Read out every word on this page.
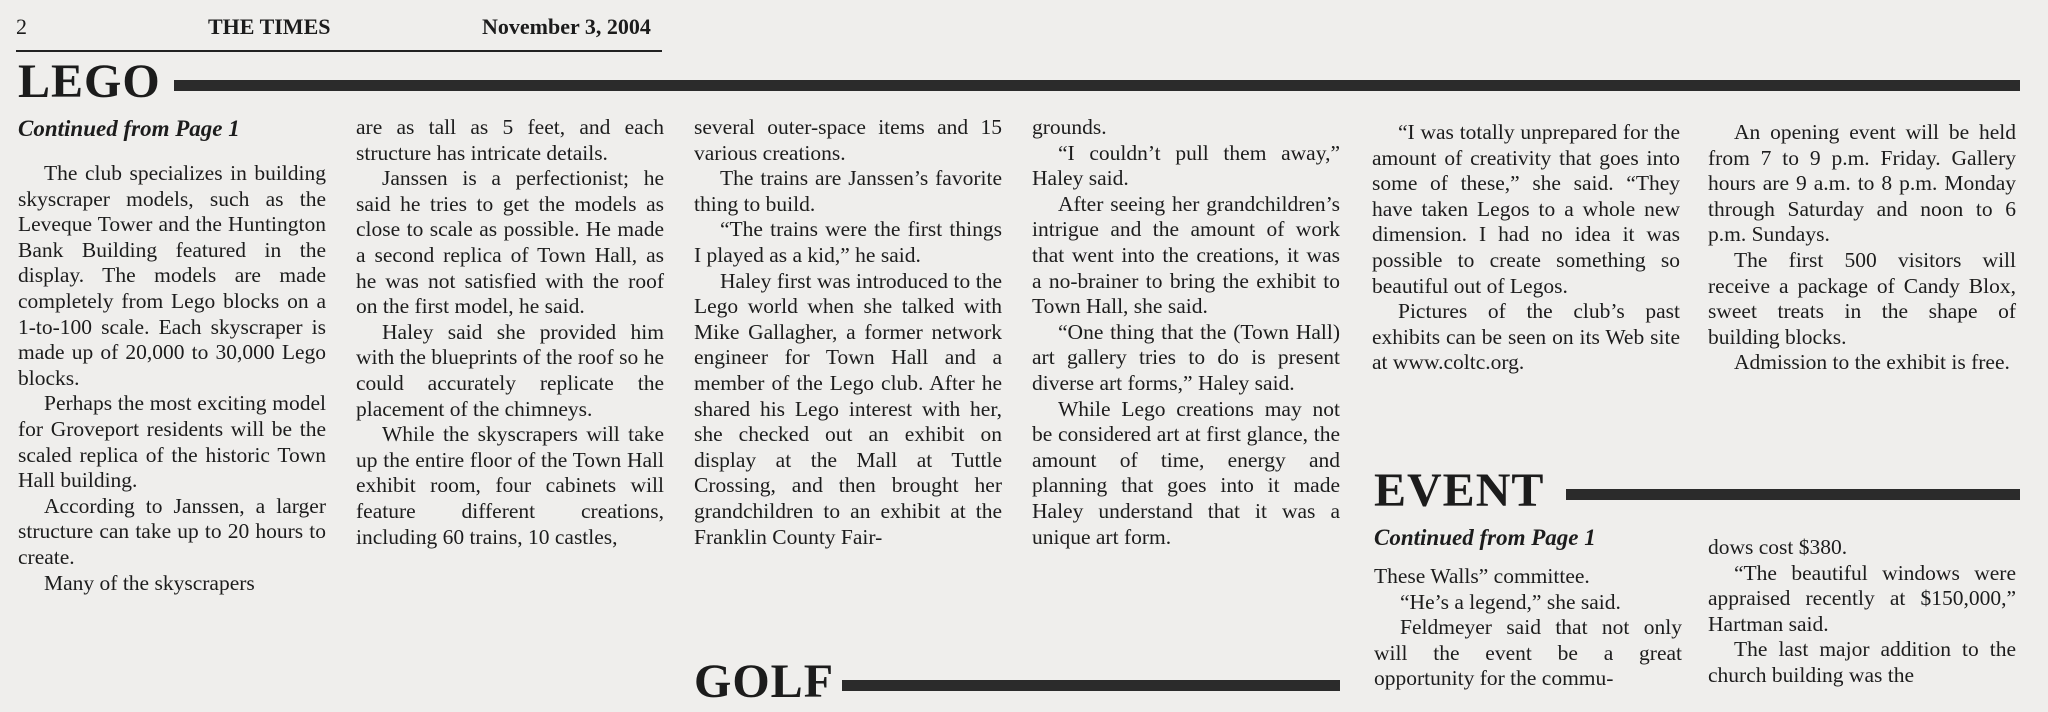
2	THE TIMES	November 3, 2004
LEGO

Continued from Page 1

The club specializes in building skyscraper models, such as the Leveque Tower and the Huntington Bank Building featured in the display. The models are made completely from Lego blocks on a 1-to-100 scale. Each skyscraper is made up of 20,000 to 30,000 Lego blocks.

Perhaps the most exciting model for Groveport residents will be the scaled replica of the historic Town Hall building.

According to Janssen, a larger structure can take up to 20 hours to create.

Many of the skyscrapers

are as tall as 5 feet, and each structure has intricate details.

Janssen is a perfectionist; he said he tries to get the models as close to scale as possible. He made a second replica of Town Hall, as he was not satisfied with the roof on the first model, he said.

Haley said she provided him with the blueprints of the roof so he could accurately replicate the placement of the chimneys.

While the skyscrapers will take up the entire floor of the Town Hall exhibit room, four cabinets will feature different creations, including 60 trains, 10 castles,

several outer-space items and 15 various creations.

The trains are Janssen’s favorite thing to build.

“The trains were the first things I played as a kid,” he said.

Haley first was introduced to the Lego world when she talked with Mike Gallagher, a former network engineer for Town Hall and a member of the Lego club. After he shared his Lego interest with her, she checked out an exhibit on display at the Mall at Tuttle Crossing, and then brought her grandchildren to an exhibit at the Franklin County Fair-

grounds.

“I couldn’t pull them away,” Haley said.

After seeing her grandchildren’s intrigue and the amount of work that went into the creations, it was a no-brainer to bring the exhibit to Town Hall, she said.

“One thing that the (Town Hall) art gallery tries to do is present diverse art forms,” Haley said.

While Lego creations may not be considered art at first glance, the amount of time, energy and planning that goes into it made Haley understand that it was a unique art form.

“I was totally unprepared for the amount of creativity that goes into some of these,” she said. “They have taken Legos to a whole new dimension. I had no idea it was possible to create something so beautiful out of Legos.

Pictures of the club’s past exhibits can be seen on its Web site at www.coltc.org.

An opening event will be held from 7 to 9 p.m. Friday. Gallery hours are 9 a.m. to 8 p.m. Monday through Saturday and noon to 6 p.m. Sundays.

The first 500 visitors will receive a package of Candy Blox, sweet treats in the shape of building blocks.

Admission to the exhibit is free.

EVENT

Continued from Page 1

These Walls” committee.

“He’s a legend,” she said.

Feldmeyer said that not only will the event be a great opportunity for the commu-

dows cost $380.

“The beautiful windows were appraised recently at $150,000,” Hartman said.

The last major addition to the church building was the

GOLF
